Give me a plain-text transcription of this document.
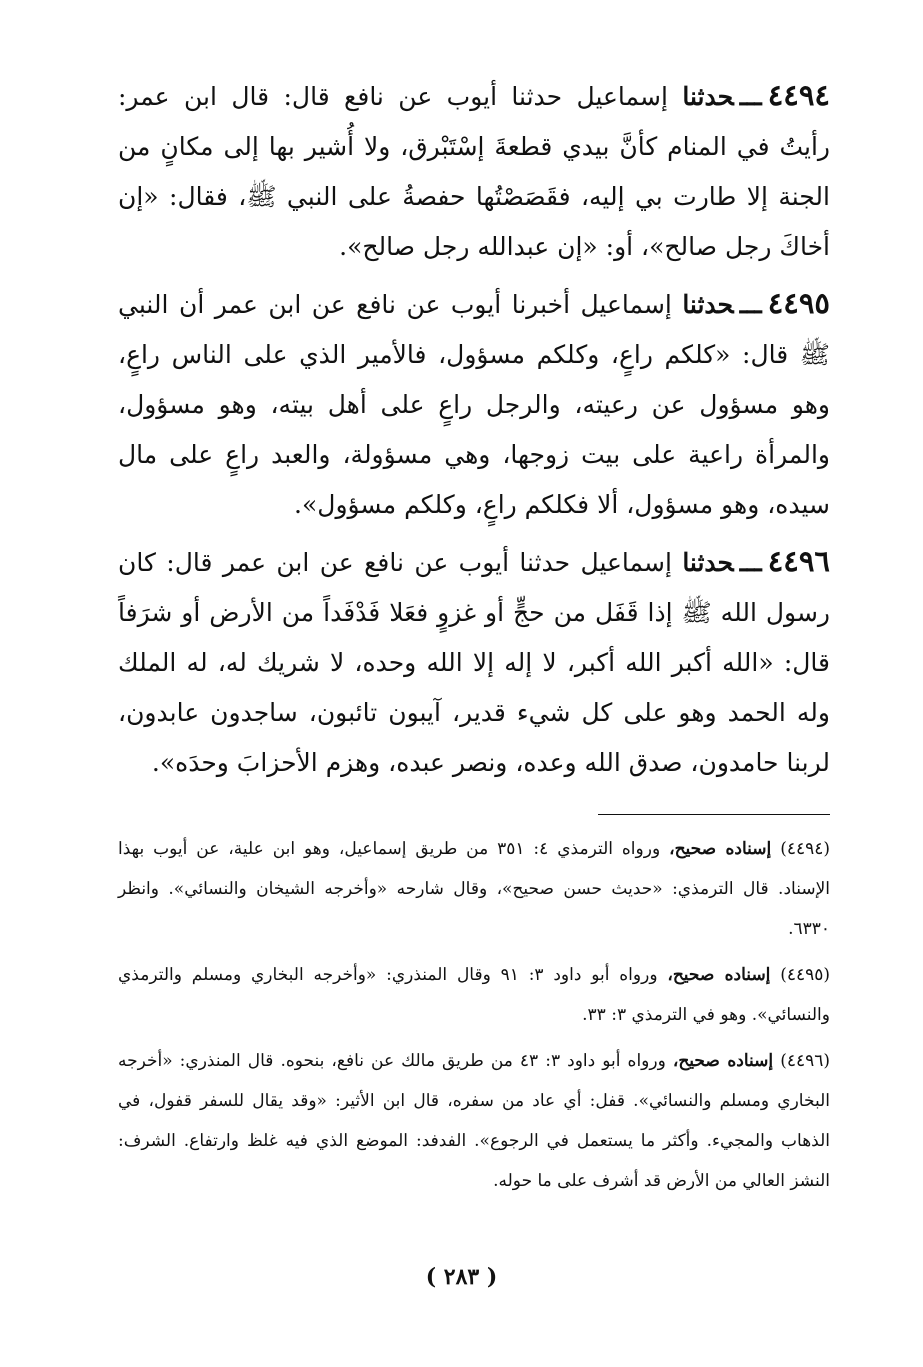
٤٤٩٤ـــحدثنا إسماعيل حدثنا أيوب عن نافع قال: قال ابن عمر: رأيتُ في المنام كأنَّ بيدي قطعةَ إسْتَبْرق، ولا أُشير بها إلى مكانٍ من الجنة إلا طارت بي إليه، فقَصَصْتُها حفصةُ على النبي ﷺ، فقال: «إن أخاكَ رجل صالح»، أو: «إن عبدالله رجل صالح».

٤٤٩٥ـــحدثنا إسماعيل أخبرنا أيوب عن نافع عن ابن عمر أن النبي ﷺ قال: «كلكم راعٍ، وكلكم مسؤول، فالأمير الذي على الناس راعٍ، وهو مسؤول عن رعيته، والرجل راعٍ على أهل بيته، وهو مسؤول، والمرأة راعية على بيت زوجها، وهي مسؤولة، والعبد راعٍ على مال سيده، وهو مسؤول، ألا فكلكم راعٍ، وكلكم مسؤول».

٤٤٩٦ـــحدثنا إسماعيل حدثنا أيوب عن نافع عن ابن عمر قال: كان رسول الله ﷺ إذا قَفَل من حجٍّ أو غزوٍ فعَلا فَدْفَداً من الأرض أو شرَفاً قال: «الله أكبر الله أكبر، لا إله إلا الله وحده، لا شريك له، له الملك وله الحمد وهو على كل شيء قدير، آيبون تائبون، ساجدون عابدون، لربنا حامدون، صدق الله وعده، ونصر عبده، وهزم الأحزابَ وحدَه».

(٤٤٩٤) إسناده صحيح، ورواه الترمذي ٤: ٣٥١ من طريق إسماعيل، وهو ابن علية، عن أيوب بهذا الإسناد. قال الترمذي: «حديث حسن صحيح»، وقال شارحه «وأخرجه الشيخان والنسائي». وانظر ٦٣٣٠.

(٤٤٩٥) إسناده صحيح، ورواه أبو داود ٣: ٩١ وقال المنذري: «وأخرجه البخاري ومسلم والترمذي والنسائي». وهو في الترمذي ٣: ٣٣.

(٤٤٩٦) إسناده صحيح، ورواه أبو داود ٣: ٤٣ من طريق مالك عن نافع، بنحوه. قال المنذري: «أخرجه البخاري ومسلم والنسائي». قفل: أي عاد من سفره، قال ابن الأثير: «وقد يقال للسفر قفول، في الذهاب والمجيء. وأكثر ما يستعمل في الرجوع». الفدفد: الموضع الذي فيه غلظ وارتفاع. الشرف: النشز العالي من الأرض قد أشرف على ما حوله.

( ٢٨٣ )
